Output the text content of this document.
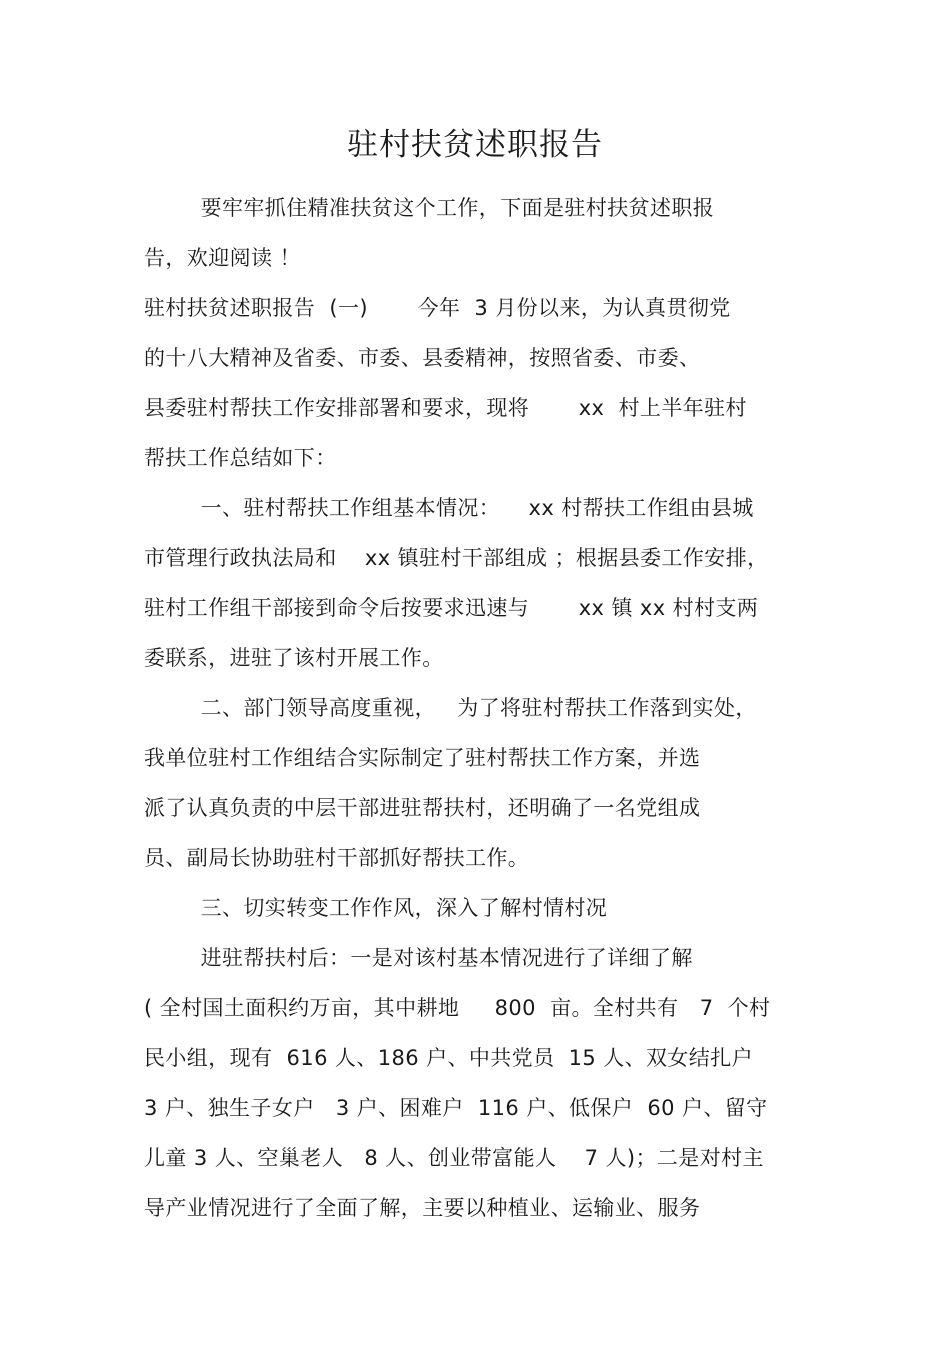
驻村扶贫述职报告
要牢牢抓住精准扶贫这个工作，下面是驻村扶贫述职报
告，欢迎阅读 ！
驻村扶贫述职报告  (一)       今年  3 月份以来，为认真贯彻党
的十八大精神及省委、市委、县委精神，按照省委、市委、
县委驻村帮扶工作安排部署和要求，现将       xx  村上半年驻村
帮扶工作总结如下：
一、驻村帮扶工作组基本情况：    xx 村帮扶工作组由县城
市管理行政执法局和    xx 镇驻村干部组成 ；根据县委工作安排，
驻村工作组干部接到命令后按要求迅速与       xx 镇 xx 村村支两
委联系，进驻了该村开展工作。
二、部门领导高度重视，   为了将驻村帮扶工作落到实处，
我单位驻村工作组结合实际制定了驻村帮扶工作方案，并选
派了认真负责的中层干部进驻帮扶村，还明确了一名党组成
员、副局长协助驻村干部抓好帮扶工作。
三、切实转变工作作风，深入了解村情村况
进驻帮扶村后：一是对该村基本情况进行了详细了解
( 全村国土面积约万亩，其中耕地     800  亩。全村共有   7  个村
民小组，现有  616 人、186 户、中共党员  15 人、双女结扎户
3 户、独生子女户   3 户、困难户  116 户、低保户  60 户、留守
儿童 3 人、空巢老人   8 人、创业带富能人    7 人)；二是对村主
导产业情况进行了全面了解，主要以种植业、运输业、服务
